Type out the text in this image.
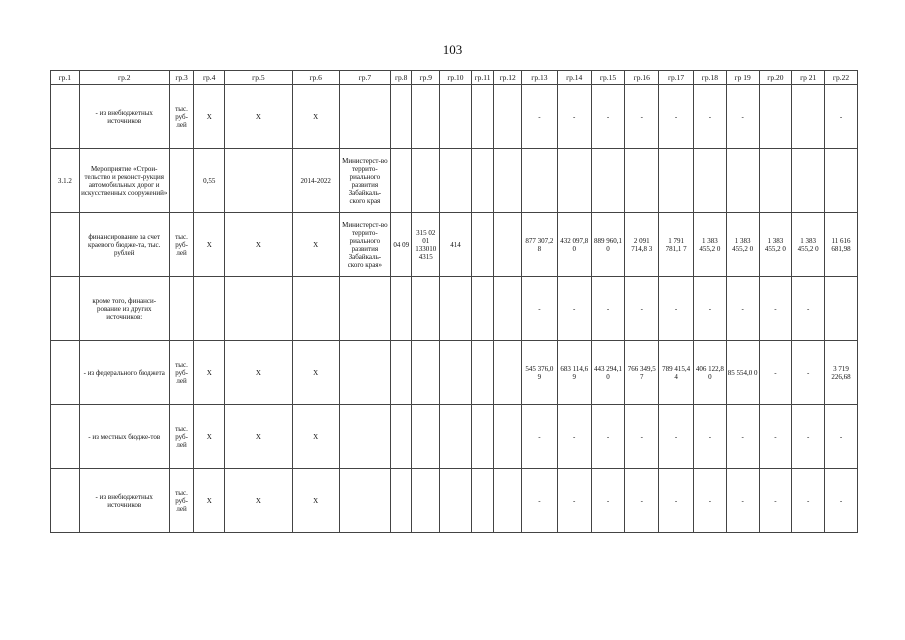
103
гр.1	гр.2	гр.3	гр.4	гр.5	гр.6	гр.7	гр.8	гр.9	гр.10	гр.11	гр.12	гр.13	гр.14	гр.15	гр.16	гр.17	гр.18	гр 19	гр.20	гр 21	гр.22
	- из внебюджетных источников	тыс. руб-лей	X	X	X							-	-	-	-	-	-	-			-
3.1.2	Мероприятие «Строи-тельство и реконст-рукция автомобильных дорог и искусственных сооружений»		0,55		2014-2022	Министерст-во террито-риального развития Забайкаль-ского края															
	финансирование за счет краевого бюдже-та, тыс. рублей	тыс. руб-лей	X	X	X	Министерст-во террито-риального развития Забайкаль-ского края»	04 09	315 02 01 133010 4315	414			877 307,2 8	432 097,8 0	889 960,1 0	2 091 714,8 3	1 791 781,1 7	1 383 455,2 0	1 383 455,2 0	1 383 455,2 0	1 383 455,2 0	11 616 681,98
	кроме того, финанси-рование из других источников:											-	-	-	-	-	-	-	-	-	
	- из федерального бюджета	тыс. руб-лей	X	X	X							545 376,0 9	683 114,6 9	443 294,1 0	766 349,5 7	789 415,4 4	406 122,8 0	85 554,0 0	-	-	3 719 226,68
	- из местных бюдже-тов	тыс. руб-лей	X	X	X							-	-	-	-	-	-	-	-	-	-
	- из внебюджетных источников	тыс. руб-лей	X	X	X							-	-	-	-	-	-	-	-	-	-
